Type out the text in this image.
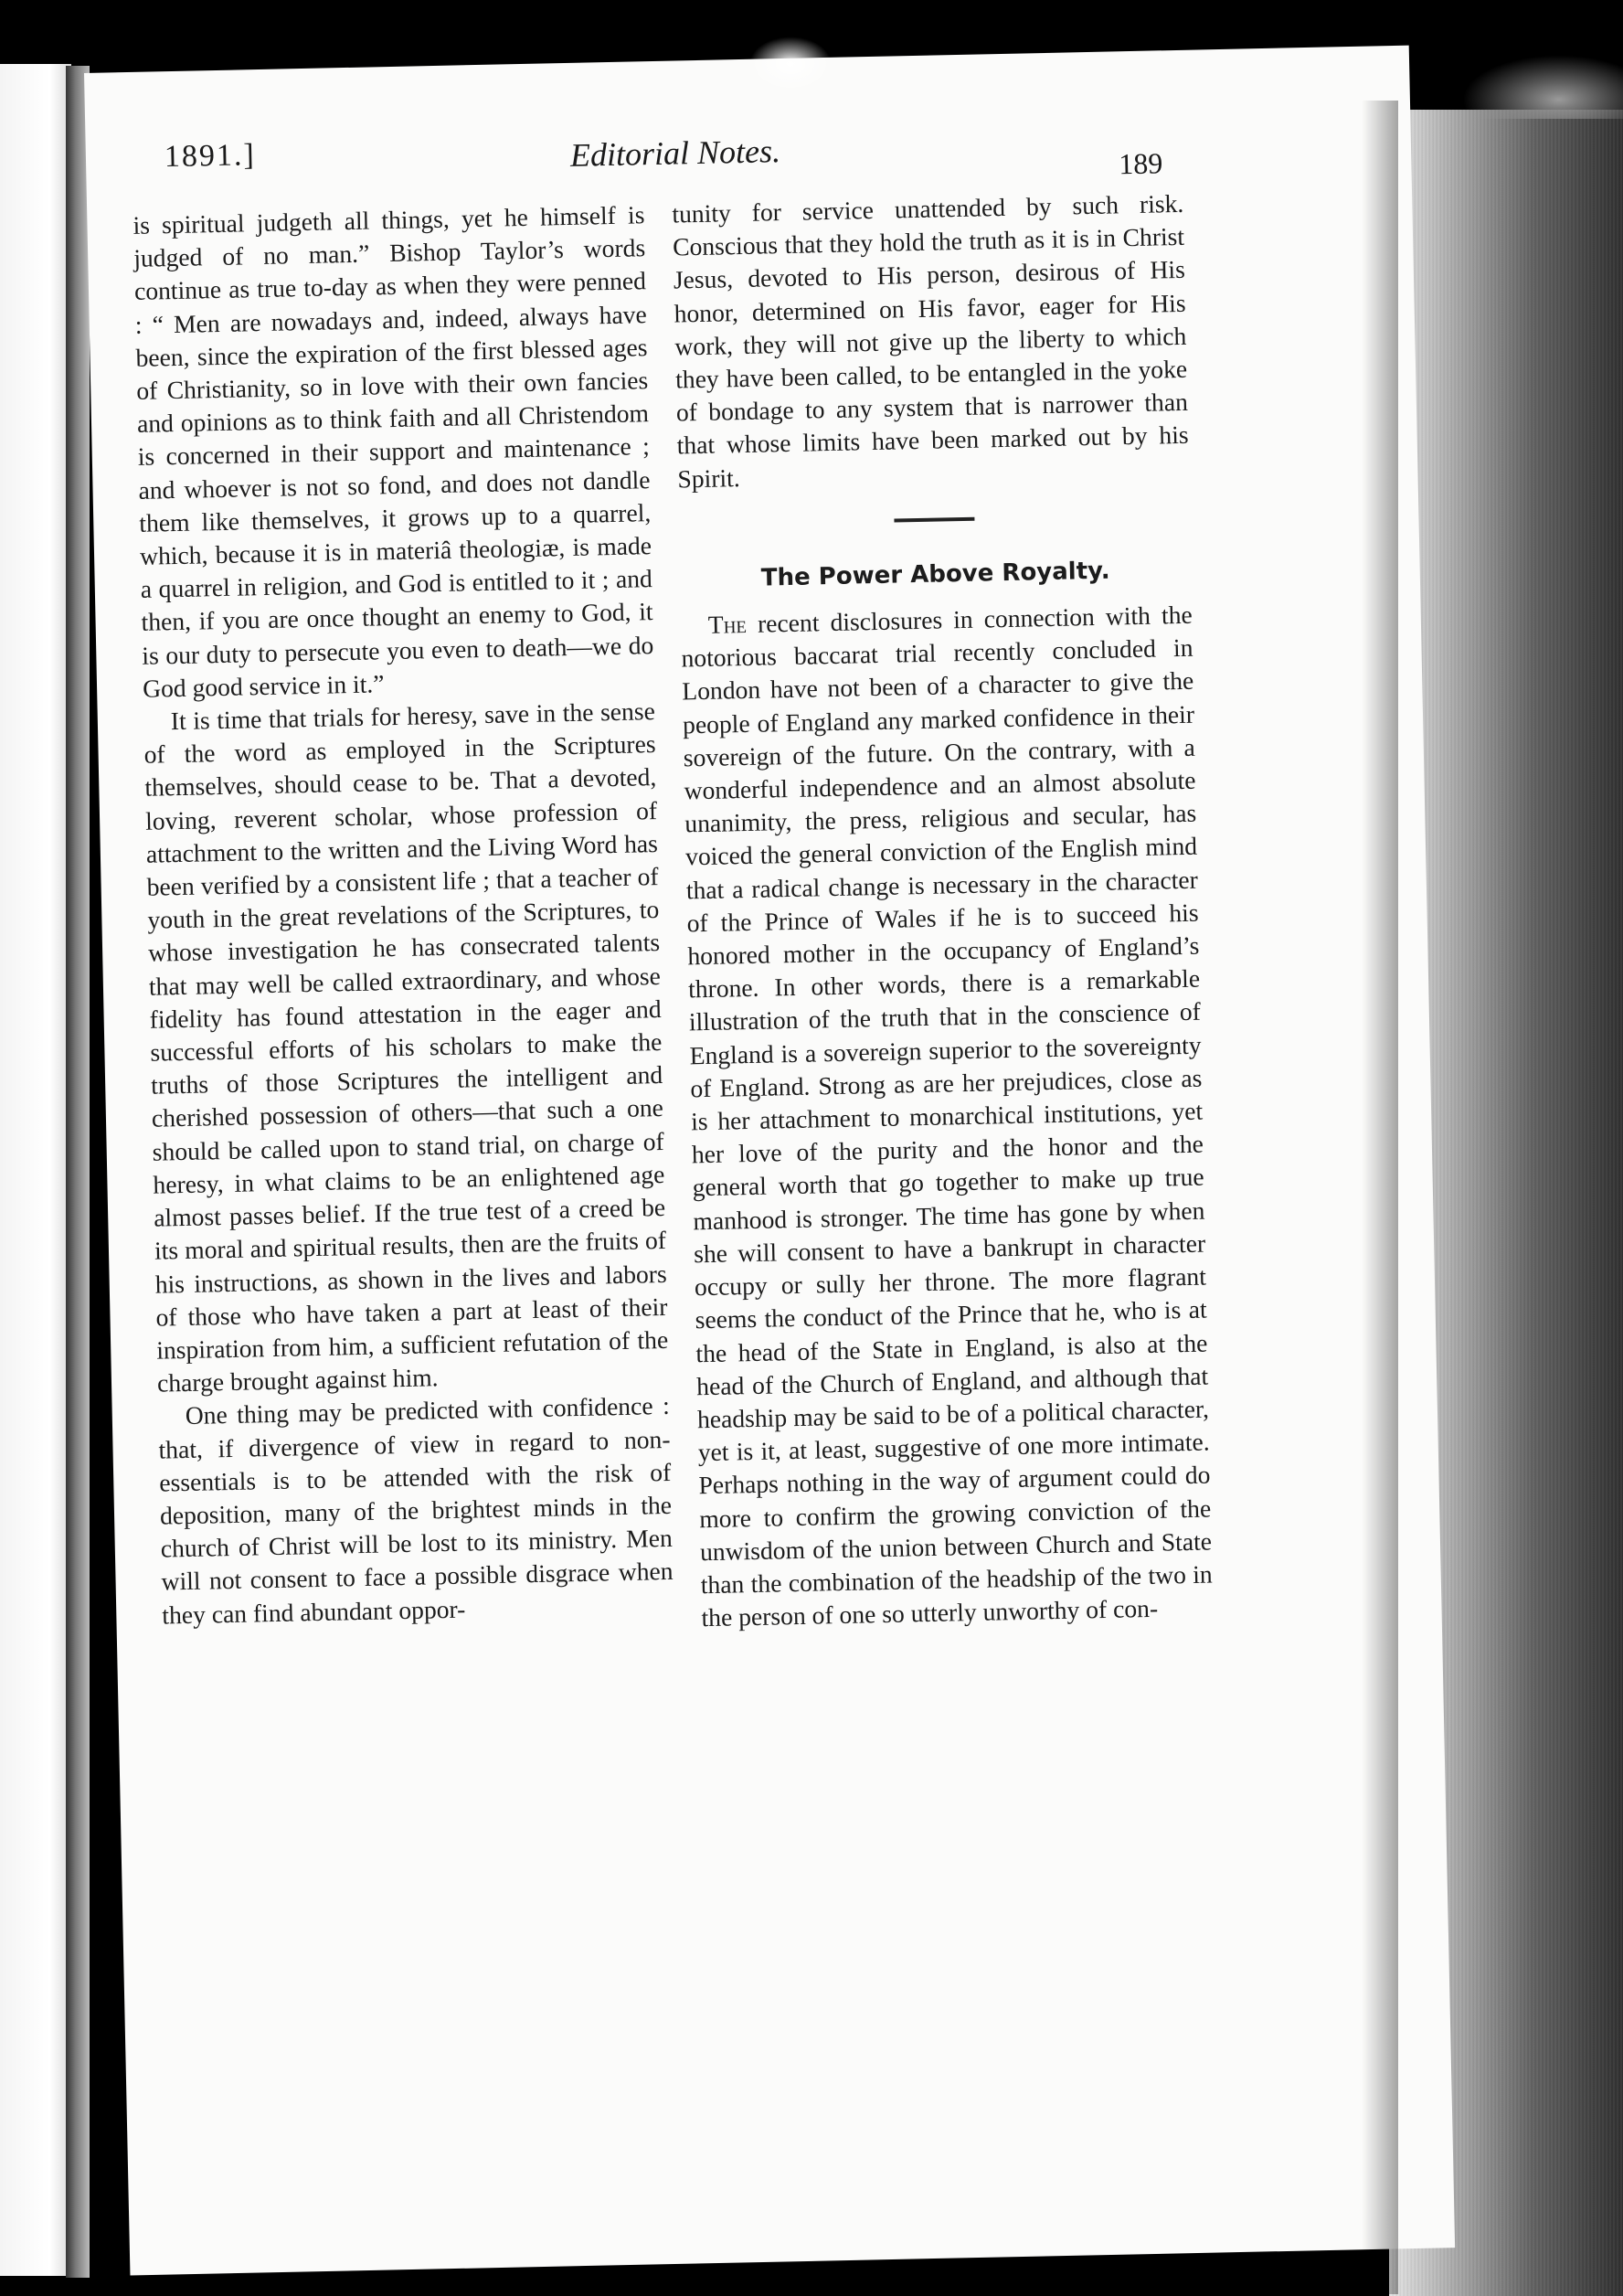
1891.]	Editorial Notes.	189

is spiritual judgeth all things, yet he himself is judged of no man.” Bishop Taylor’s words continue as true to-day as when they were penned : “ Men are nowadays and, indeed, always have been, since the expiration of the first blessed ages of Christianity, so in love with their own fancies and opinions as to think faith and all Christendom is concerned in their support and maintenance ; and whoever is not so fond, and does not dandle them like themselves, it grows up to a quarrel, which, because it is in materiâ theologiæ, is made a quarrel in religion, and God is entitled to it ; and then, if you are once thought an enemy to God, it is our duty to persecute you even to death—we do God good service in it.”

It is time that trials for heresy, save in the sense of the word as employed in the Scriptures themselves, should cease to be. That a devoted, loving, reverent scholar, whose profession of attachment to the written and the Living Word has been verified by a consistent life ; that a teacher of youth in the great revelations of the Scriptures, to whose investigation he has consecrated talents that may well be called extraordinary, and whose fidelity has found attestation in the eager and successful efforts of his scholars to make the truths of those Scriptures the intelligent and cherished possession of others—that such a one should be called upon to stand trial, on charge of heresy, in what claims to be an enlightened age almost passes belief. If the true test of a creed be its moral and spiritual results, then are the fruits of his instructions, as shown in the lives and labors of those who have taken a part at least of their inspiration from him, a sufficient refutation of the charge brought against him.

One thing may be predicted with confidence : that, if divergence of view in regard to non-essentials is to be attended with the risk of deposition, many of the brightest minds in the church of Christ will be lost to its ministry. Men will not consent to face a possible disgrace when they can find abundant oppor-

tunity for service unattended by such risk. Conscious that they hold the truth as it is in Christ Jesus, devoted to His person, desirous of His honor, determined on His favor, eager for His work, they will not give up the liberty to which they have been called, to be entangled in the yoke of bondage to any system that is narrower than that whose limits have been marked out by his Spirit.

The Power Above Royalty.

The recent disclosures in connection with the notorious baccarat trial recently concluded in London have not been of a character to give the people of England any marked confidence in their sovereign of the future. On the contrary, with a wonderful independence and an almost absolute unanimity, the press, religious and secular, has voiced the general conviction of the English mind that a radical change is necessary in the character of the Prince of Wales if he is to succeed his honored mother in the occupancy of England’s throne. In other words, there is a remarkable illustration of the truth that in the conscience of England is a sovereign superior to the sovereignty of England. Strong as are her prejudices, close as is her attachment to monarchical institutions, yet her love of the purity and the honor and the general worth that go together to make up true manhood is stronger. The time has gone by when she will consent to have a bankrupt in character occupy or sully her throne. The more flagrant seems the conduct of the Prince that he, who is at the head of the State in England, is also at the head of the Church of England, and although that headship may be said to be of a political character, yet is it, at least, suggestive of one more intimate. Perhaps nothing in the way of argument could do more to confirm the growing conviction of the unwisdom of the union between Church and State than the combination of the headship of the two in the person of one so utterly unworthy of con-
